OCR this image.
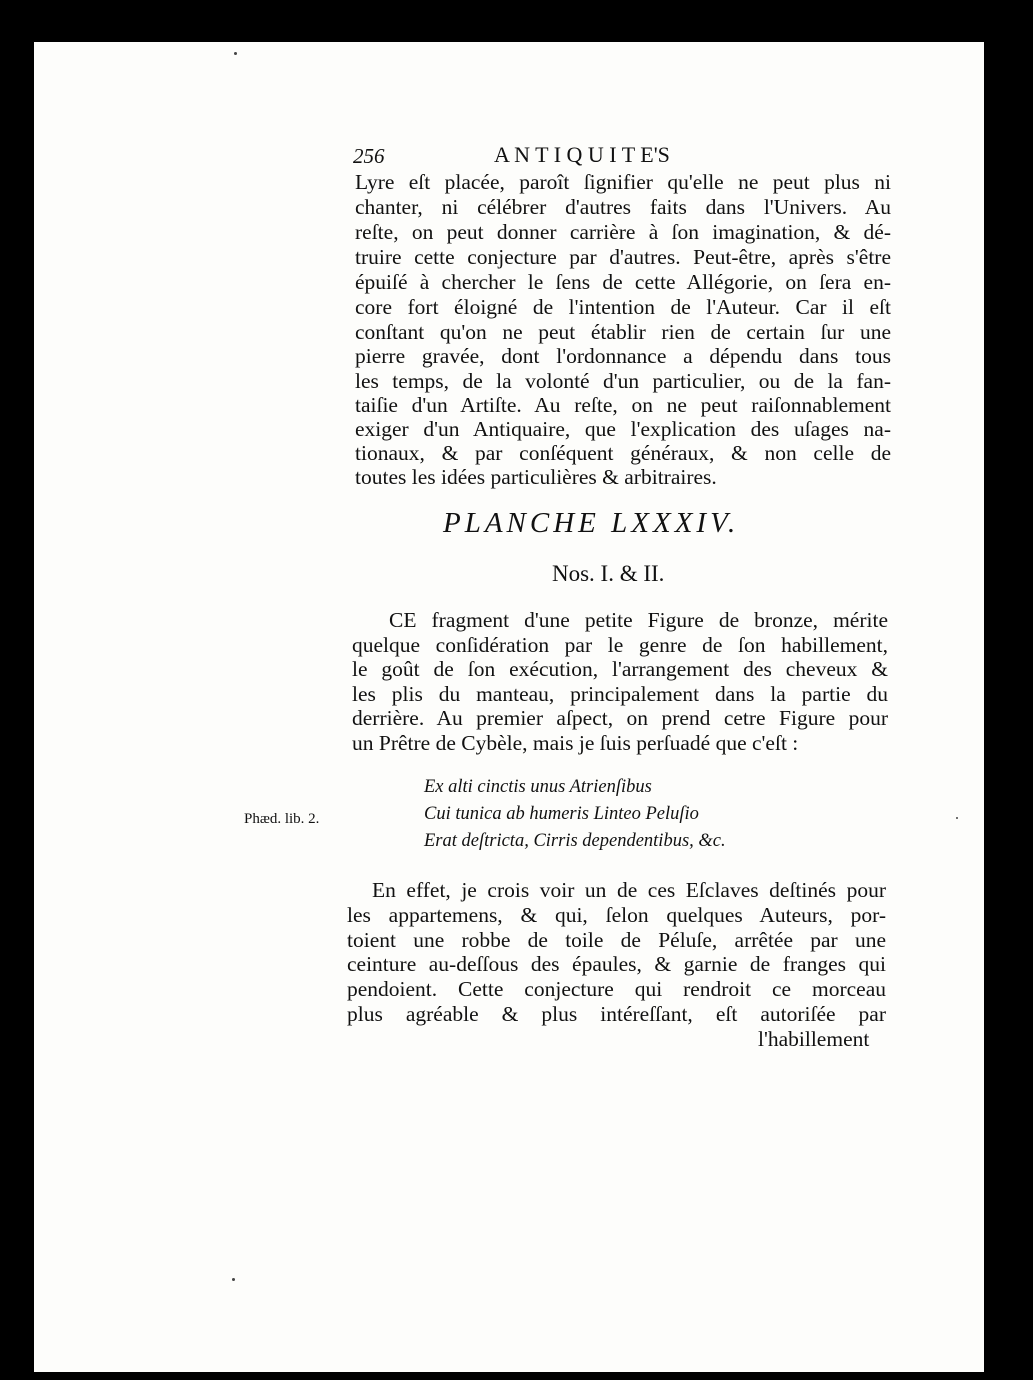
256	A N T I Q U I T E'S
Lyre eſt placée, paroît ſignifier qu'elle ne peut plus ni
chanter, ni célébrer d'autres faits dans l'Univers. Au
reſte, on peut donner carrière à ſon imagination, & dé-
truire cette conjecture par d'autres. Peut-être, après s'être
épuiſé à chercher le ſens de cette Allégorie, on ſera en-
core fort éloigné de l'intention de l'Auteur. Car il eſt
conſtant qu'on ne peut établir rien de certain ſur une
pierre gravée, dont l'ordonnance a dépendu dans tous
les temps, de la volonté d'un particulier, ou de la fan-
taiſie d'un Artiſte. Au reſte, on ne peut raiſonnablement
exiger d'un Antiquaire, que l'explication des uſages na-
tionaux, & par conſéquent généraux, & non celle de
toutes les idées particulières & arbitraires.
PLANCHE LXXXIV.
Nos. I. & II.
CE fragment d'une petite Figure de bronze, mérite
quelque conſidération par le genre de ſon habillement,
le goût de ſon exécution, l'arrangement des cheveux &
les plis du manteau, principalement dans la partie du
derrière. Au premier aſpect, on prend cetre Figure pour
un Prêtre de Cybèle, mais je ſuis perſuadé que c'eſt :
Ex alti cinctis unus Atrienſibus
Cui tunica ab humeris Linteo Peluſio
Erat deſtricta, Cirris dependentibus, &c.
Phæd. lib. 2.
En effet, je crois voir un de ces Eſclaves deſtinés pour
les appartemens, & qui, ſelon quelques Auteurs, por-
toient une robbe de toile de Péluſe, arrêtée par une
ceinture au-deſſous des épaules, & garnie de franges qui
pendoient. Cette conjecture qui rendroit ce morceau
plus agréable & plus intéreſſant, eſt autoriſée par
l'habillement
